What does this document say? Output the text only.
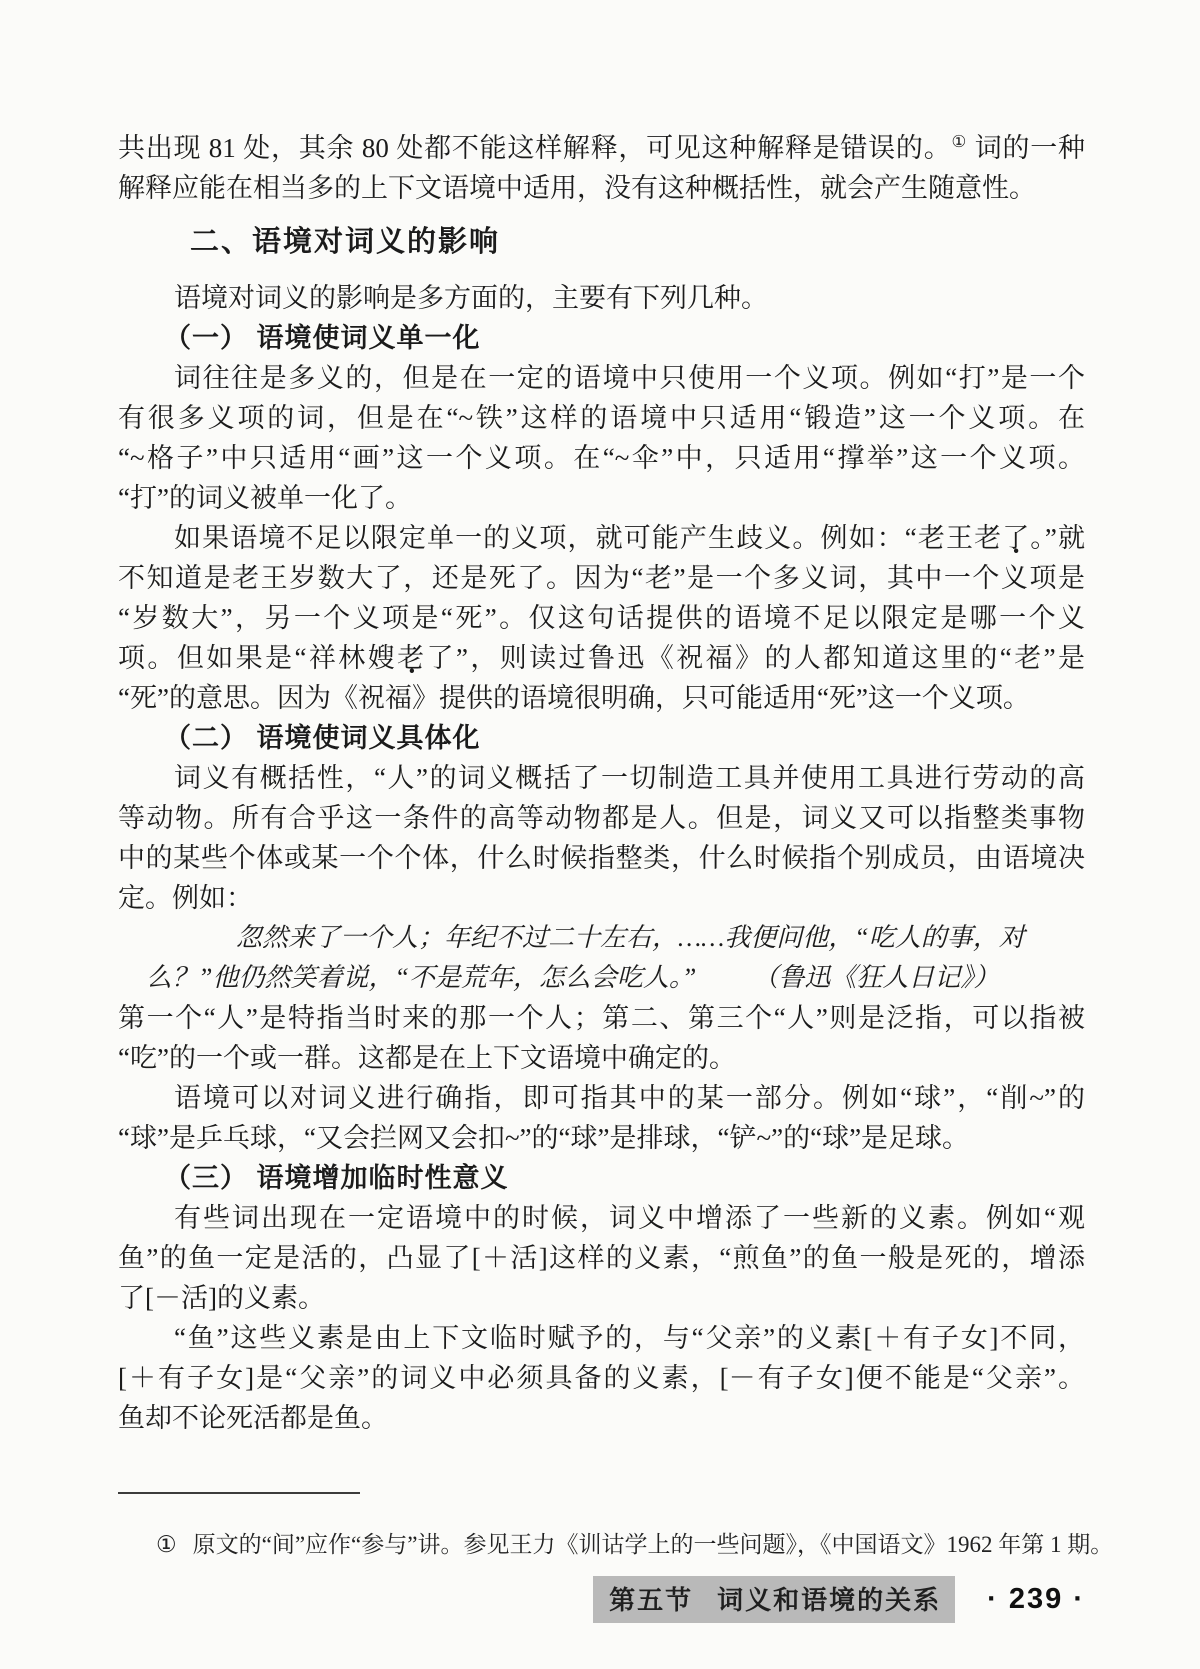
共出现 81 处，其余 80 处都不能这样解释，可见这种解释是错误的。① 词的一种
解释应能在相当多的上下文语境中适用，没有这种概括性，就会产生随意性。
二、语境对词义的影响
语境对词义的影响是多方面的，主要有下列几种。
（一） 语境使词义单一化
词往往是多义的，但是在一定的语境中只使用一个义项。例如“打”是一个
有很多义项的词，但是在“~铁”这样的语境中只适用“锻造”这一个义项。在
“~格子”中只适用“画”这一个义项。在“~伞”中，只适用“撑举”这一个义项。
“打”的词义被单一化了。
如果语境不足以限定单一的义项，就可能产生歧义。例如：“老王老了。”就
不知道是老王岁数大了，还是死了。因为“老”是一个多义词，其中一个义项是
“岁数大”，另一个义项是“死”。仅这句话提供的语境不足以限定是哪一个义
项。但如果是“祥林嫂老了”，则读过鲁迅《祝福》的人都知道这里的“老”是
“死”的意思。因为《祝福》提供的语境很明确，只可能适用“死”这一个义项。
（二） 语境使词义具体化
词义有概括性，“人”的词义概括了一切制造工具并使用工具进行劳动的高
等动物。所有合乎这一条件的高等动物都是人。但是，词义又可以指整类事物
中的某些个体或某一个个体，什么时候指整类，什么时候指个别成员，由语境决
定。例如：
忽然来了一个人；年纪不过二十左右，……我便问他，“吃人的事，对
么？”他仍然笑着说，“不是荒年，怎么会吃人。” （鲁迅《狂人日记》）
第一个“人”是特指当时来的那一个人；第二、第三个“人”则是泛指，可以指被
“吃”的一个或一群。这都是在上下文语境中确定的。
语境可以对词义进行确指，即可指其中的某一部分。例如“球”，“削~”的
“球”是乒乓球，“又会拦网又会扣~”的“球”是排球，“铲~”的“球”是足球。
（三） 语境增加临时性意义
有些词出现在一定语境中的时候，词义中增添了一些新的义素。例如“观
鱼”的鱼一定是活的，凸显了[＋活]这样的义素，“煎鱼”的鱼一般是死的，增添
了[－活]的义素。
“鱼”这些义素是由上下文临时赋予的，与“父亲”的义素[＋有子女]不同，
[＋有子女]是“父亲”的词义中必须具备的义素，[－有子女]便不能是“父亲”。
鱼却不论死活都是鱼。
① 原文的“间”应作“参与”讲。参见王力《训诂学上的一些问题》，《中国语文》1962 年第 1 期。
第五节 词义和语境的关系 · 239 ·
